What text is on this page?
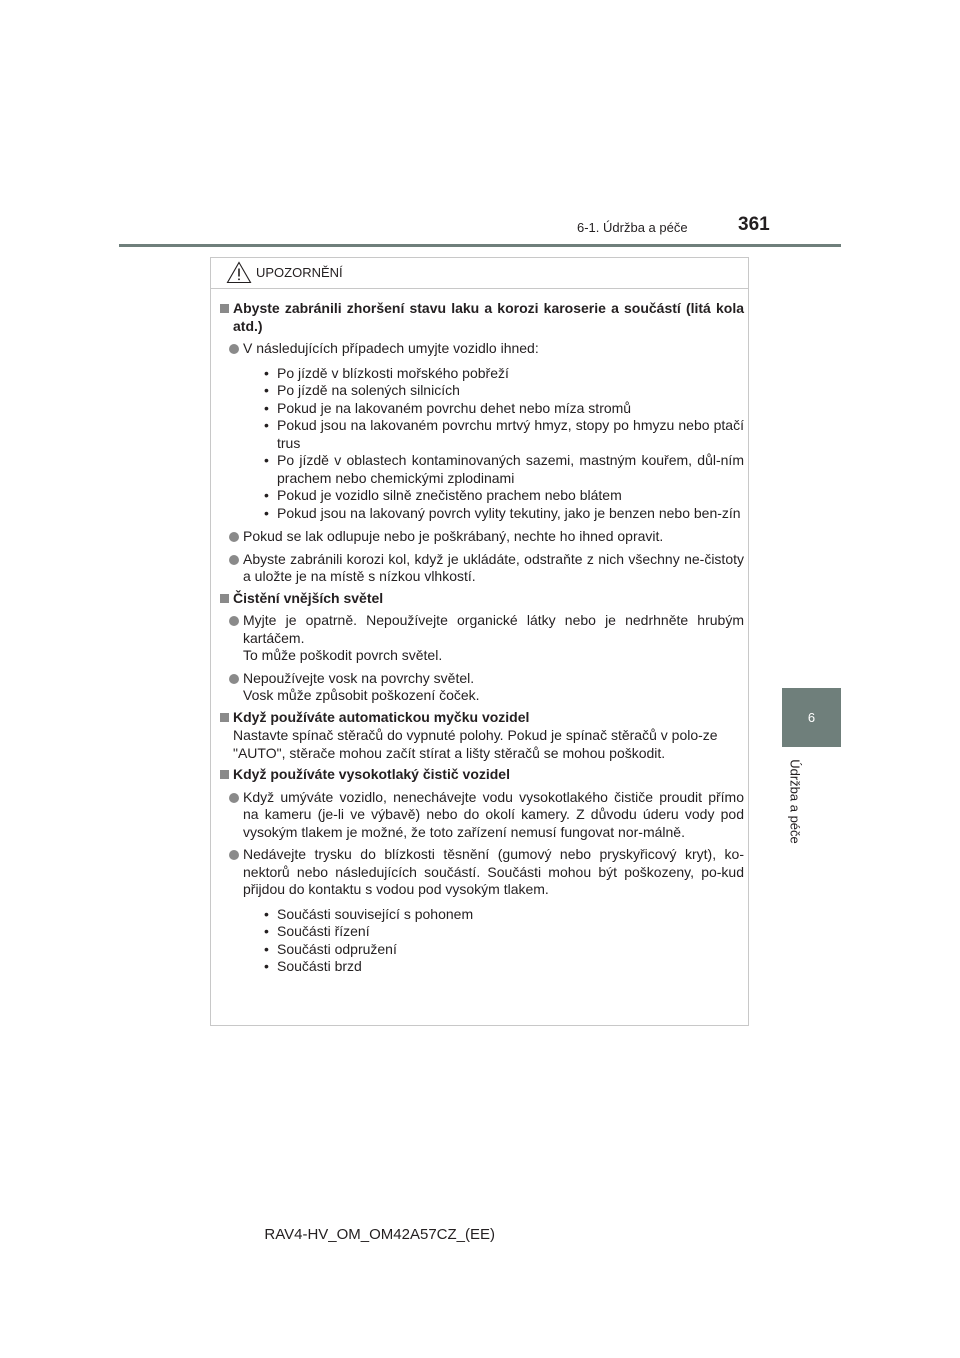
6-1. Údržba a péče	361
6
Údržba a péče
UPOZORNĚNÍ
Abyste zabránili zhoršení stavu laku a korozi karoserie a součástí (litá kola atd.)
V následujících případech umyjte vozidlo ihned:
• Po jízdě v blízkosti mořského pobřeží
• Po jízdě na solených silnicích
• Pokud je na lakovaném povrchu dehet nebo míza stromů
• Pokud jsou na lakovaném povrchu mrtvý hmyz, stopy po hmyzu nebo ptačí trus
• Po jízdě v oblastech kontaminovaných sazemi, mastným kouřem, důl-ním prachem nebo chemickými zplodinami
• Pokud je vozidlo silně znečistěno prachem nebo blátem
• Pokud jsou na lakovaný povrch vylity tekutiny, jako je benzen nebo ben-zín
Pokud se lak odlupuje nebo je poškrábaný, nechte ho ihned opravit.
Abyste zabránili korozi kol, když je ukládáte, odstraňte z nich všechny ne-čistoty a uložte je na místě s nízkou vlhkostí.
Čistění vnějších světel
Myjte je opatrně. Nepoužívejte organické látky nebo je nedrhněte hrubým kartáčem.
To může poškodit povrch světel.
Nepoužívejte vosk na povrchy světel.
Vosk může způsobit poškození čoček.
Když používáte automatickou myčku vozidel
Nastavte spínač stěračů do vypnuté polohy. Pokud je spínač stěračů v polo-ze "AUTO", stěrače mohou začít stírat a lišty stěračů se mohou poškodit.
Když používáte vysokotlaký čistič vozidel
Když umýváte vozidlo, nenechávejte vodu vysokotlakého čističe proudit přímo na kameru (je-li ve výbavě) nebo do okolí kamery. Z důvodu úderu vody pod vysokým tlakem je možné, že toto zařízení nemusí fungovat nor-málně.
Nedávejte trysku do blízkosti těsnění (gumový nebo pryskyřicový kryt), ko-nektorů nebo následujících součástí. Součásti mohou být poškozeny, po-kud přijdou do kontaktu s vodou pod vysokým tlakem.
• Součásti související s pohonem
• Součásti řízení
• Součásti odpružení
• Součásti brzd
RAV4-HV_OM_OM42A57CZ_(EE)
